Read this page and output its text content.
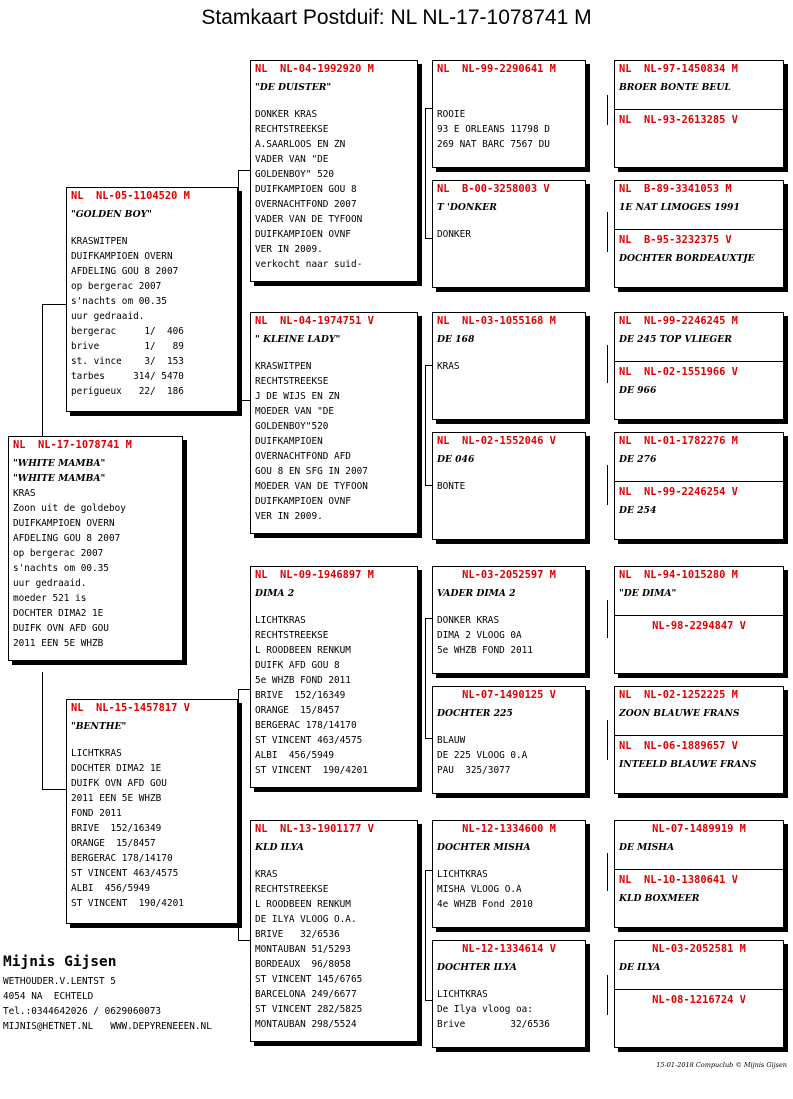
Stamkaart Postduif: NL NL-17-1078741 M
NL  NL-17-1078741 M
"WHITE MAMBA"
"WHITE MAMBA"
KRAS
Zoon uit de goldeboy
DUIFKAMPIOEN OVERN
AFDELING GOU 8 2007
op bergerac 2007
s'nachts om 00.35
uur gedraaid.
moeder 521 is
DOCHTER DIMA2 1E
DUIFK OVN AFD GOU
2011 EEN 5E WHZB
NL  NL-05-1104520 M
"GOLDEN BOY"
KRASWITPEN
DUIFKAMPIOEN OVERN
AFDELING GOU 8 2007
op bergerac 2007
s'nachts om 00.35
uur gedraaid.
bergerac     1/  406
brive        1/   89
st. vince    3/  153
tarbes     314/ 5470
perigueux   22/  186
NL  NL-15-1457817 V
"BENTHE"
LICHTKRAS
DOCHTER DIMA2 1E
DUIFK OVN AFD GOU
2011 EEN 5E WHZB
FOND 2011
BRIVE  152/16349
ORANGE  15/8457
BERGERAC 178/14170
ST VINCENT 463/4575
ALBI  456/5949
ST VINCENT  190/4201
NL  NL-04-1992920 M
"DE DUISTER"
DONKER KRAS
RECHTSTREEKSE
A.SAARLOOS EN ZN
VADER VAN "DE
GOLDENBOY" 520
DUIFKAMPIOEN GOU 8
OVERNACHTFOND 2007
VADER VAN DE TYFOON
DUIFKAMPIOEN OVNF
VER IN 2009.
verkocht naar suid-
NL  NL-04-1974751 V
" KLEINE LADY"
KRASWITPEN
RECHTSTREEKSE
J DE WIJS EN ZN
MOEDER VAN "DE
GOLDENBOY"520
DUIFKAMPIOEN
OVERNACHTFOND AFD
GOU 8 EN SFG IN 2007
MOEDER VAN DE TYFOON
DUIFKAMPIOEN OVNF
VER IN 2009.
NL  NL-09-1946897 M
DIMA 2
LICHTKRAS
RECHTSTREEKSE
L ROODBEEN RENKUM
DUIFK AFD GOU 8
5e WHZB FOND 2011
BRIVE  152/16349
ORANGE  15/8457
BERGERAC 178/14170
ST VINCENT 463/4575
ALBI  456/5949
ST VINCENT  190/4201
NL  NL-13-1901177 V
KLD ILYA
KRAS
RECHTSTREEKSE
L ROODBEEN RENKUM
DE ILYA VLOOG O.A.
BRIVE   32/6536
MONTAUBAN 51/5293
BORDEAUX  96/8058
ST VINCENT 145/6765
BARCELONA 249/6677
ST VINCENT 282/5825
MONTAUBAN 298/5524
NL  NL-99-2290641 M
ROOIE
93 E ORLEANS 11798 D
269 NAT BARC 7567 DU
NL  B-00-3258003 V
T 'DONKER
DONKER
NL  NL-03-1055168 M
DE 168
KRAS
NL  NL-02-1552046 V
DE 046
BONTE
NL-03-2052597 M
VADER DIMA 2
DONKER KRAS
DIMA 2 VLOOG 0A
5e WHZB FOND 2011
NL-07-1490125 V
DOCHTER 225
BLAUW
DE 225 VLOOG 0.A
PAU  325/3077
NL-12-1334600 M
DOCHTER MISHA
LICHTKRAS
MISHA VLOOG O.A
4e WHZB Fond 2010
NL-12-1334614 V
DOCHTER ILYA
LICHTKRAS
De Ilya vloog oa:
Brive        32/6536
NL  NL-97-1450834 M
BROER BONTE BEUL
NL  NL-93-2613285 V
NL  B-89-3341053 M
1E NAT LIMOGES 1991
NL  B-95-3232375 V
DOCHTER BORDEAUXTJE
NL  NL-99-2246245 M
DE 245 TOP VLIEGER
NL  NL-02-1551966 V
DE 966
NL  NL-01-1782276 M
DE 276
NL  NL-99-2246254 V
DE 254
NL  NL-94-1015280 M
"DE DIMA"
NL-98-2294847 V
NL  NL-02-1252225 M
ZOON BLAUWE FRANS
NL  NL-06-1889657 V
INTEELD BLAUWE FRANS
NL-07-1489919 M
DE MISHA
NL  NL-10-1380641 V
KLD BOXMEER
NL-03-2052581 M
DE ILYA
NL-08-1216724 V
Mijnis Gijsen
WETHOUDER.V.LENTST 5
4054 NA  ECHTELD
Tel.:0344642026 / 0629060073
MIJNIS@HETNET.NL   WWW.DEPYRENEEEN.NL
15-01-2018 Compuclub © Mijnis Gijsen
